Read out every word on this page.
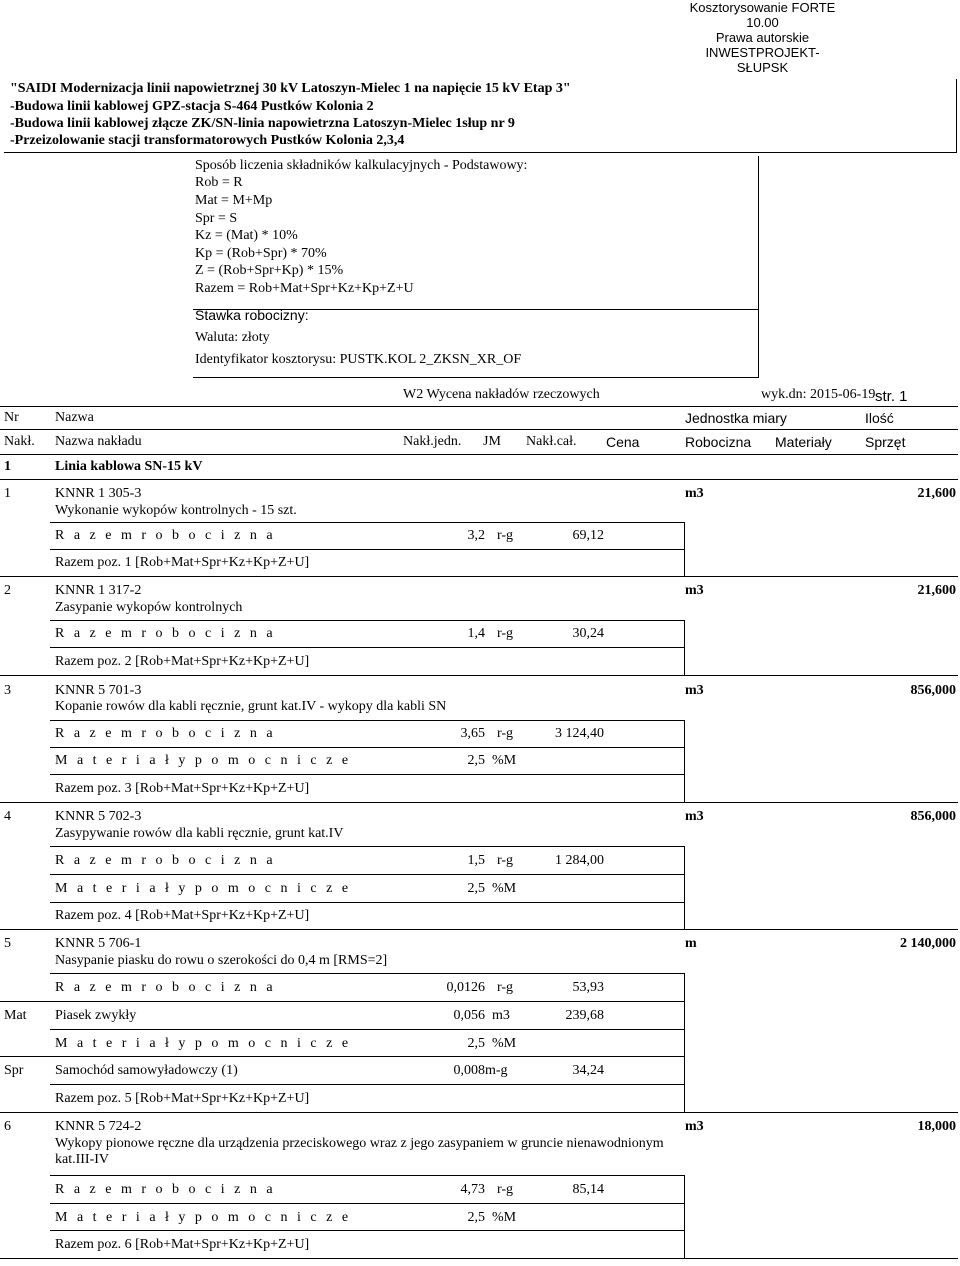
Kosztorysowanie FORTE 10.00
Prawa autorskie
INWESTPROJEKT-SŁUPSK
"SAIDI Modernizacja linii napowietrznej 30 kV Latoszyn-Mielec 1 na napięcie 15 kV Etap 3"
-Budowa linii kablowej GPZ-stacja S-464 Pustków Kolonia 2
-Budowa linii kablowej złącze ZK/SN-linia napowietrzna Latoszyn-Mielec 1słup nr 9
-Przeizolowanie stacji transformatorowych Pustków Kolonia 2,3,4
Sposób liczenia składników kalkulacyjnych - Podstawowy:
Rob = R
Mat = M+Mp
Spr = S
Kz = (Mat) * 10%
Kp = (Rob+Spr) * 70%
Z = (Rob+Spr+Kp) * 15%
Razem = Rob+Mat+Spr+Kz+Kp+Z+U
Stawka robocizny:
Waluta: złoty
Identyfikator kosztorysu: PUSTK.KOL 2_ZKSN_XR_OF
W2 Wycena nakładów rzeczowych	wyk.dn: 2015-06-19 str. 1
Nr	Nazwa	Jednostka miary	Ilość
Nakł. Nazwa nakładu	Nakł.jedn. JM Nakł.cał. Cena	Robocizna Materiały Sprzęt
1	Linia kablowa SN-15 kV
1	KNNR 1 305-3
Wykonanie wykopów kontrolnych - 15 szt.
m3	21,600
R a z e m r o b o c i z n a	3,2 r-g	69,12
Razem poz. 1 [Rob+Mat+Spr+Kz+Kp+Z+U]
2	KNNR 1 317-2
Zasypanie wykopów kontrolnych
m3	21,600
R a z e m r o b o c i z n a	1,4 r-g	30,24
Razem poz. 2 [Rob+Mat+Spr+Kz+Kp+Z+U]
3	KNNR 5 701-3
Kopanie rowów dla kabli ręcznie, grunt kat.IV - wykopy dla kabli SN
m3	856,000
R a z e m r o b o c i z n a	3,65 r-g	3 124,40
M a t e r i a ł y p o m o c n i c z e	2,5 %M
Razem poz. 3 [Rob+Mat+Spr+Kz+Kp+Z+U]
4	KNNR 5 702-3
Zasypywanie rowów dla kabli ręcznie, grunt kat.IV
m3	856,000
R a z e m r o b o c i z n a	1,5 r-g	1 284,00
M a t e r i a ł y p o m o c n i c z e	2,5 %M
Razem poz. 4 [Rob+Mat+Spr+Kz+Kp+Z+U]
5	KNNR 5 706-1
Nasypanie piasku do rowu o szerokości do 0,4 m [RMS=2]
m	2 140,000
R a z e m r o b o c i z n a	0,0126 r-g	53,93
Mat Piasek zwykły	0,056 m3	239,68
M a t e r i a ł y p o m o c n i c z e	2,5 %M
Spr Samochód samowyładowczy (1)	0,008 m-g	34,24
Razem poz. 5 [Rob+Mat+Spr+Kz+Kp+Z+U]
6	KNNR 5 724-2
Wykopy pionowe ręczne dla urządzenia przeciskowego wraz z jego zasypaniem w gruncie nienawodnionym
kat.III-IV
m3	18,000
R a z e m r o b o c i z n a	4,73 r-g	85,14
M a t e r i a ł y p o m o c n i c z e	2,5 %M
Razem poz. 6 [Rob+Mat+Spr+Kz+Kp+Z+U]
